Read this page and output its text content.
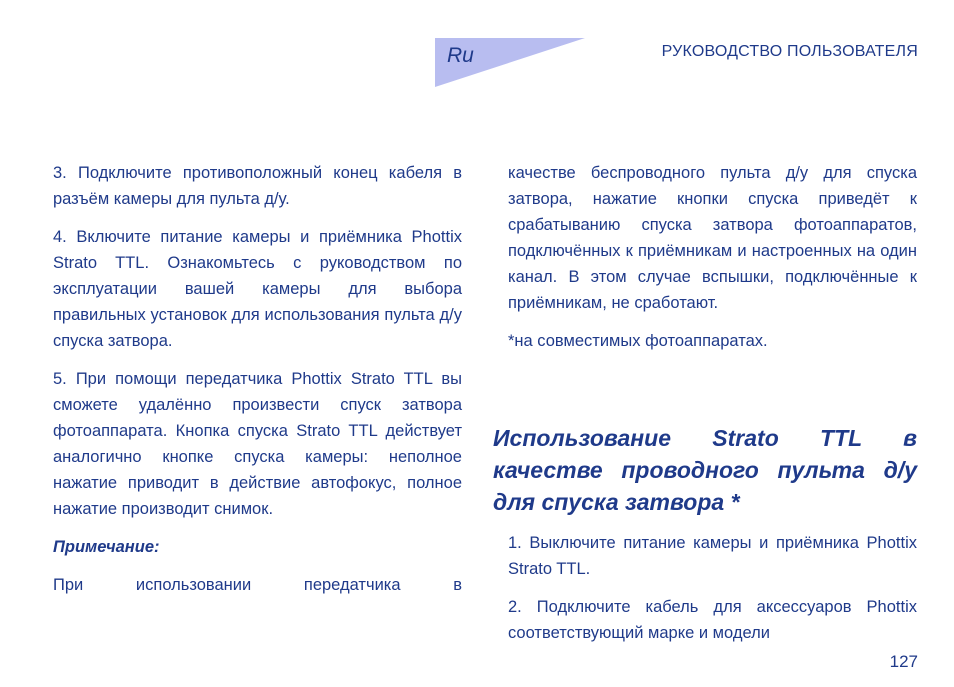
Ru	РУКОВОДСТВО ПОЛЬЗОВАТЕЛЯ

3. Подключите противоположный конец кабеля в разъём камеры для пульта д/у.

4. Включите питание камеры и приёмника Phottix Strato TTL. Ознакомьтесь с руководством по эксплуатации вашей камеры для выбора правильных установок для использования пульта д/у спуска затвора.

5. При помощи передатчика Phottix Strato TTL вы сможете удалённо произвести спуск затвора фотоаппарата. Кнопка спуска Strato TTL действует аналогично кнопке спуска камеры: неполное нажатие приводит в действие автофокус, полное нажатие производит снимок.

Примечание:

При использовании передатчика в

качестве беспроводного пульта д/у для спуска затвора, нажатие кнопки спуска приведёт к срабатыванию спуска затвора фотоаппаратов, подключённых к приёмникам и настроенных на один канал. В этом случае вспышки, подключённые к приёмникам, не сработают.

*на совместимых фотоаппаратах.

Использование Strato TTL в качестве проводного пульта д/у для спуска затвора *

1. Выключите питание камеры и приёмника Phottix Strato TTL.

2. Подключите кабель для аксессуаров Phottix соответствующий марке и модели

127
